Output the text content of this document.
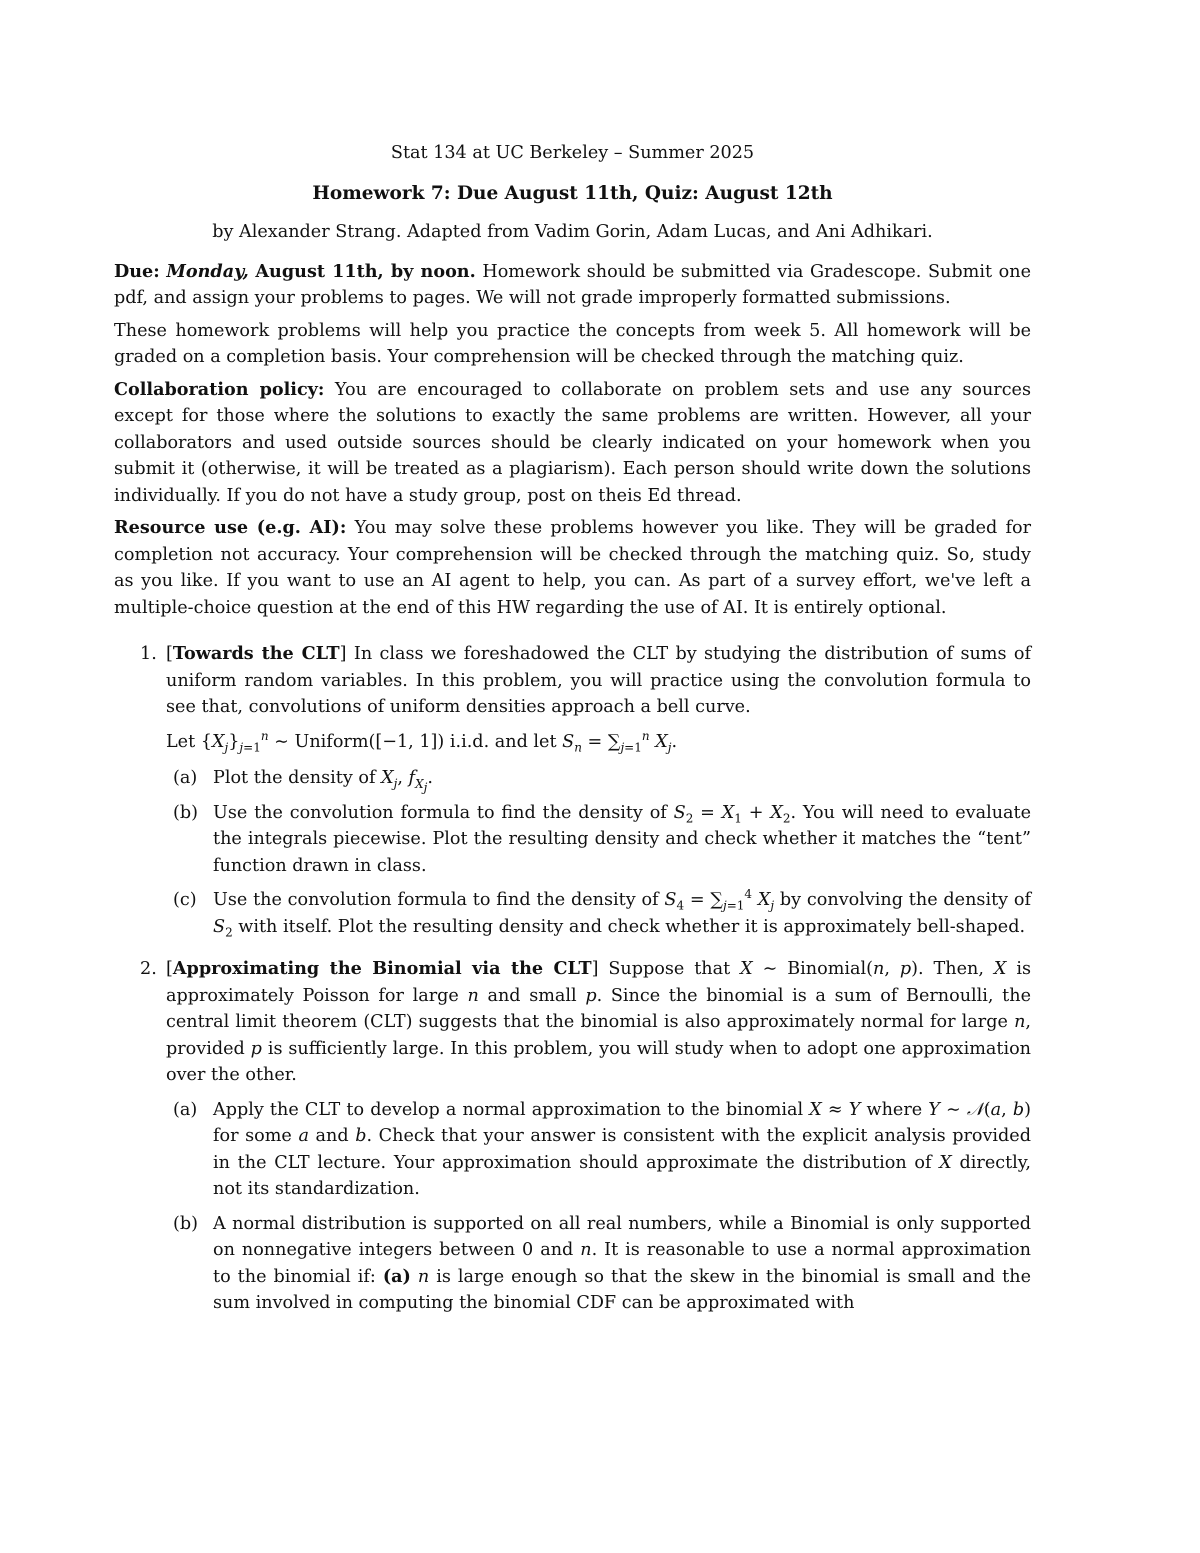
Stat 134 at UC Berkeley – Summer 2025
Homework 7: Due August 11th, Quiz: August 12th
by Alexander Strang. Adapted from Vadim Gorin, Adam Lucas, and Ani Adhikari.

Due: Monday, August 11th, by noon. Homework should be submitted via Gradescope. Submit one pdf, and assign your problems to pages. We will not grade improperly formatted submissions.

These homework problems will help you practice the concepts from week 5. All homework will be graded on a completion basis. Your comprehension will be checked through the matching quiz.

Collaboration policy: You are encouraged to collaborate on problem sets and use any sources except for those where the solutions to exactly the same problems are written. However, all your collaborators and used outside sources should be clearly indicated on your homework when you submit it (otherwise, it will be treated as a plagiarism). Each person should write down the solutions individually. If you do not have a study group, post on theis Ed thread.

Resource use (e.g. AI): You may solve these problems however you like. They will be graded for completion not accuracy. Your comprehension will be checked through the matching quiz. So, study as you like. If you want to use an AI agent to help, you can. As part of a survey effort, we've left a multiple-choice question at the end of this HW regarding the use of AI. It is entirely optional.

1. [Towards the CLT] In class we foreshadowed the CLT by studying the distribution of sums of uniform random variables. In this problem, you will practice using the convolution formula to see that, convolutions of uniform densities approach a bell curve.
Let $\{X_j\}_{j=1}^n$ ∼ Uniform([−1, 1]) i.i.d. and let $S_n = \sum_{j=1}^n$ $X_j$.
(a) Plot the density of $X_j$, $f_{X_j}$.
(b) Use the convolution formula to find the density of $S_2 = X_1 + X_2$. You will need to evaluate the integrals piecewise. Plot the resulting density and check whether it matches the “tent” function drawn in class.
(c) Use the convolution formula to find the density of $S_4 = \sum_{j=1}^4$ $X_j$ by convolving the density of $S_2$ with itself. Plot the resulting density and check whether it is approximately bell-shaped.
2. [Approximating the Binomial via the CLT] Suppose that X ∼ Binomial(n, p). Then, X is approximately Poisson for large n and small p. Since the binomial is a sum of Bernoulli, the central limit theorem (CLT) suggests that the binomial is also approximately normal for large n, provided p is sufficiently large. In this problem, you will study when to adopt one approximation over the other.
(a) Apply the CLT to develop a normal approximation to the binomial X ≈ Y where Y ∼ 𝒩(a, b) for some a and b. Check that your answer is consistent with the explicit analysis provided in the CLT lecture. Your approximation should approximate the distribution of X directly, not its standardization.
(b) A normal distribution is supported on all real numbers, while a Binomial is only supported on nonnegative integers between 0 and n. It is reasonable to use a normal approximation to the binomial if: (a) n is large enough so that the skew in the binomial is small and the sum involved in computing the binomial CDF can be approximated with
